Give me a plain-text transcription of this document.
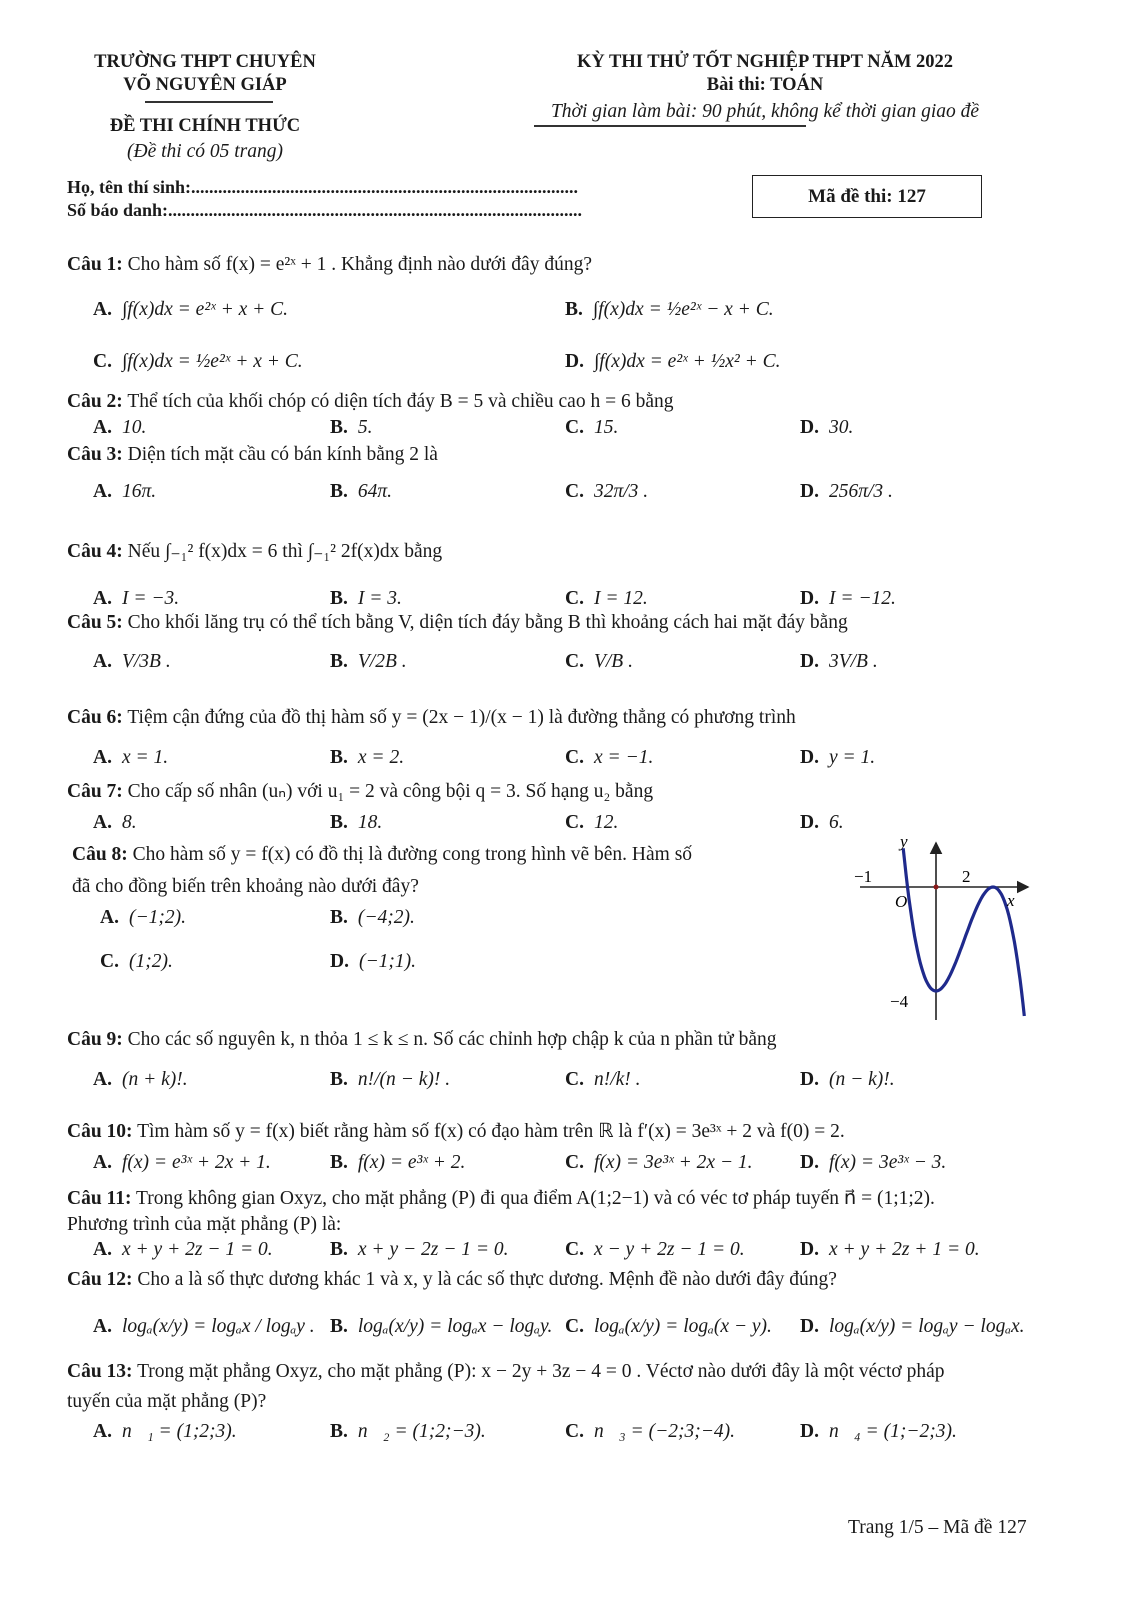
TRƯỜNG THPT CHUYÊN
VÕ NGUYÊN GIÁP
ĐỀ THI CHÍNH THỨC
(Đề thi có 05 trang)
KỲ THI THỬ TỐT NGHIỆP THPT NĂM 2022
Bài thi: TOÁN
Thời gian làm bài: 90 phút, không kể thời gian giao đề
Họ, tên thí sinh:......................................................................................
Số báo danh:............................................................................................
Mã đề thi: 127
Câu 1: Cho hàm số f(x) = e²ˣ + 1 . Khẳng định nào dưới đây đúng?
A. ∫f(x)dx = e²ˣ + x + C.	B. ∫f(x)dx = ½e²ˣ − x + C.
C. ∫f(x)dx = ½e²ˣ + x + C.	D. ∫f(x)dx = e²ˣ + ½x² + C.
Câu 2: Thể tích của khối chóp có diện tích đáy B = 5 và chiều cao h = 6 bằng
A. 10.	B. 5.	C. 15.	D. 30.
Câu 3: Diện tích mặt cầu có bán kính bằng 2 là
A. 16π.	B. 64π.	C. 32π/3 .	D. 256π/3 .
Câu 4: Nếu ∫₋₁² f(x)dx = 6 thì ∫₋₁² 2f(x)dx bằng
A. I = −3.	B. I = 3.	C. I = 12.	D. I = −12.
Câu 5: Cho khối lăng trụ có thể tích bằng V, diện tích đáy bằng B thì khoảng cách hai mặt đáy bằng
A. V/3B .	B. V/2B .	C. V/B .	D. 3V/B .
Câu 6: Tiệm cận đứng của đồ thị hàm số y = (2x − 1)/(x − 1) là đường thẳng có phương trình
A. x = 1.	B. x = 2.	C. x = −1.	D. y = 1.
Câu 7: Cho cấp số nhân (uₙ) với u₁ = 2 và công bội q = 3. Số hạng u₂ bằng
A. 8.	B. 18.	C. 12.	D. 6.
Câu 8: Cho hàm số y = f(x) có đồ thị là đường cong trong hình vẽ bên. Hàm số
đã cho đồng biến trên khoảng nào dưới đây?
A. (−1;2).	B. (−4;2).
C. (1;2).	D. (−1;1).
Câu 9: Cho các số nguyên k, n thỏa 1 ≤ k ≤ n. Số các chỉnh hợp chập k của n phần tử bằng
A. (n + k)!.	B. n!/(n − k)! .	C. n!/k! .	D. (n − k)!.
Câu 10: Tìm hàm số y = f(x) biết rằng hàm số f(x) có đạo hàm trên ℝ là f′(x) = 3e³ˣ + 2 và f(0) = 2.
A. f(x) = e³ˣ + 2x + 1.	B. f(x) = e³ˣ + 2.	C. f(x) = 3e³ˣ + 2x − 1. D. f(x) = 3e³ˣ − 3.
Câu 11: Trong không gian Oxyz, cho mặt phẳng (P) đi qua điểm A(1;2−1) và có véc tơ pháp tuyến n⃗ = (1;1;2).
Phương trình của mặt phẳng (P) là:
A. x + y + 2z − 1 = 0.	B. x + y − 2z − 1 = 0.	C. x − y + 2z − 1 = 0.	D. x + y + 2z + 1 = 0.
Câu 12: Cho a là số thực dương khác 1 và x, y là các số thực dương. Mệnh đề nào dưới đây đúng?
A. logₐ(x/y) = logₐx / logₐy . B. logₐ(x/y) = logₐx − logₐy. C. logₐ(x/y) = logₐ(x − y). D. logₐ(x/y) = logₐy − logₐx.
Câu 13: Trong mặt phẳng Oxyz, cho mặt phẳng (P): x − 2y + 3z − 4 = 0 . Véctơ nào dưới đây là một véctơ pháp
tuyến của mặt phẳng (P)?
A. n⃗₁ = (1;2;3).	B. n⃗₂ = (1;2;−3).	C. n⃗₃ = (−2;3;−4).	D. n⃗₄ = (1;−2;3).
y
x
O
−1	2
−4
Trang 1/5 – Mã đề 127
